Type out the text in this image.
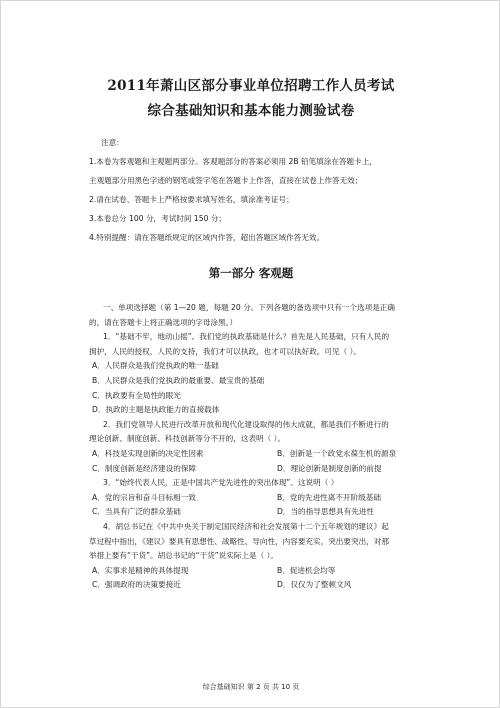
2011年萧山区部分事业单位招聘工作人员考试
综合基础知识和基本能力测验试卷
注意：
1.本卷为客观题和主观题两部分。客观题部分的答案必须用 2B 铅笔填涂在答题卡上，
主观题部分用黑色字迹的钢笔或签字笔在答题卡上作答，直接在试卷上作答无效；
2.请在试卷、答题卡上严格按要求填写姓名，填涂准考证号；
3.本卷总分 100 分，考试时间 150 分；
4.特别提醒：请在答题纸规定的区域内作答，超出答题区域作答无效。
第一部分 客观题
一、单项选择题（第 1—20 题，每题 20 分。下列各题的备选项中只有一个选项是正确
的，请在答题卡上将正确选项的字母涂黑。）
1．“基础不牢，地动山摇”。我们党的执政基础是什么？首先是人民基础，只有人民的
拥护，人民的授权，人民的支持，我们才可以执政，也才可以执好政。可见（ ）。
A．人民群众是我们党执政的唯一基础
B．人民群众是我们党执政的最重要、最宝贵的基础
C．执政要有全局性的眼光
D．执政的主题是执政能力的直接载体
2．我们党领导人民进行改革开放和现代化建设取得的伟大成就，都是我们不断进行的
理论创新、制度创新、科技创新等分不开的，这表明（ ）。
A．科技是实现创新的决定性因素	B．创新是一个政党永葆生机的源泉
C．制度创新是经济建设的保障	D．理论创新是制度创新的前提
3．“始终代表人民，正是中国共产党先进性的突出体现”。这说明（ ）
A．党的宗旨和奋斗目标相一致	B．党的先进性离不开阶级基础
C．当具有广泛的群众基础	D．当的指导思想具有先进性
4．胡总书记在《中共中央关于制定国民经济和社会发展第十二个五年规划的建议》起
草过程中指出，《建议》要具有思想性、战略性、导向性，内容要充实，突出要突出，对那
举措上要有“干货”。胡总书记的“干货”说实际上是（ ）。
A．实事求是精神的具体提现	B．促进机会均等
C．强调政府的决策要接近	D．仅仅为了整顿文风
综合基础知识 第 2 页 共 10 页
